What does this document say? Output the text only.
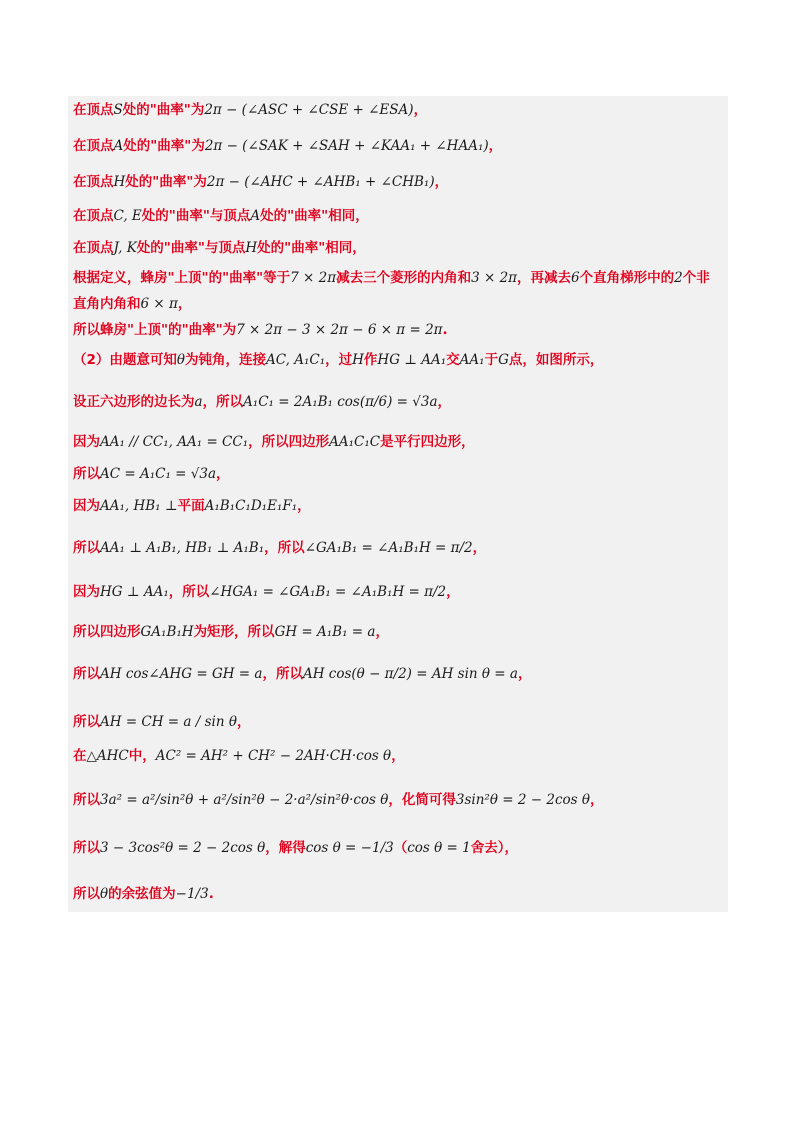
在顶点S处的"曲率"为2π − (∠ASC + ∠CSE + ∠ESA)，
在顶点A处的"曲率"为2π − (∠SAK + ∠SAH + ∠KAA₁ + ∠HAA₁)，
在顶点H处的"曲率"为2π − (∠AHC + ∠AHB₁ + ∠CHB₁)，
在顶点C, E处的"曲率"与顶点A处的"曲率"相同，
在顶点J, K处的"曲率"与顶点H处的"曲率"相同，
根据定义，蜂房"上顶"的"曲率"等于7 × 2π减去三个菱形的内角和3 × 2π，再减去6个直角梯形中的2个非
直角内角和6 × π，
所以蜂房"上顶"的"曲率"为7 × 2π − 3 × 2π − 6 × π = 2π.
（2）由题意可知θ为钝角，连接AC, A₁C₁，过H作HG ⊥ AA₁交AA₁于G点，如图所示，
设正六边形的边长为a，所以A₁C₁ = 2A₁B₁ cos(π/6) = √3a，
因为AA₁ // CC₁, AA₁ = CC₁，所以四边形AA₁C₁C是平行四边形，
所以AC = A₁C₁ = √3a，
因为AA₁, HB₁ ⊥平面A₁B₁C₁D₁E₁F₁，
所以AA₁ ⊥ A₁B₁, HB₁ ⊥ A₁B₁，所以∠GA₁B₁ = ∠A₁B₁H = π/2，
因为HG ⊥ AA₁，所以∠HGA₁ = ∠GA₁B₁ = ∠A₁B₁H = π/2，
所以四边形GA₁B₁H为矩形，所以GH = A₁B₁ = a，
所以AH cos∠AHG = GH = a，所以AH cos(θ − π/2) = AH sin θ = a，
所以AH = CH = a / sin θ，
在△AHC中，AC² = AH² + CH² − 2AH·CH·cos θ，
所以3a² = a²/sin²θ + a²/sin²θ − 2·a²/sin²θ·cos θ，化简可得3sin²θ = 2 − 2cos θ，
所以3 − 3cos²θ = 2 − 2cos θ，解得cos θ = −1/3（cos θ = 1舍去），
所以θ的余弦值为−1/3.
